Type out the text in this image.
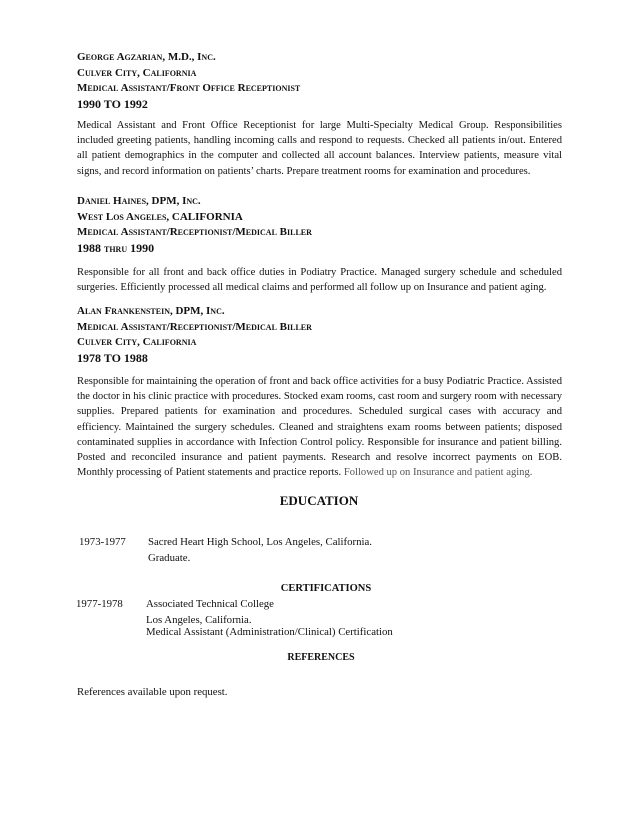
George Agzarian, M.D., Inc.
Culver City, California
Medical Assistant/Front Office Receptionist
1990 TO 1992

Medical Assistant and Front Office Receptionist for large Multi-Specialty Medical Group. Responsibilities included greeting patients, handling incoming calls and respond to requests. Checked all patients in/out. Entered all patient demographics in the computer and collected all account balances. Interview patients, measure vital signs, and record information on patients’ charts. Prepare treatment rooms for examination and procedures.

Daniel Haines, DPM, Inc.
West Los Angeles, CALIFORNIA
Medical Assistant/Receptionist/Medical Biller
1988 thru 1990

Responsible for all front and back office duties in Podiatry Practice. Managed surgery schedule and scheduled surgeries. Efficiently processed all medical claims and performed all follow up on Insurance and patient aging.

Alan Frankenstein, DPM, Inc.
Medical Assistant/Receptionist/Medical Biller
Culver City, California
1978 TO 1988

Responsible for maintaining the operation of front and back office activities for a busy Podiatric Practice. Assisted the doctor in his clinic practice with procedures. Stocked exam rooms, cast room and surgery room with necessary supplies. Prepared patients for examination and procedures. Scheduled surgical cases with accuracy and efficiency. Maintained the surgery schedules. Cleaned and straightens exam rooms between patients; disposed contaminated supplies in accordance with Infection Control policy. Responsible for insurance and patient billing. Posted and reconciled insurance and patient payments. Research and resolve incorrect payments on EOB. Monthly processing of Patient statements and practice reports. Followed up on Insurance and patient aging.

EDUCATION
1973-1977 Sacred Heart High School, Los Angeles, California.
Graduate.
CERTIFICATIONS
1977-1978 Associated Technical College
Los Angeles, California.
Medical Assistant (Administration/Clinical) Certification
REFERENCES
References available upon request.
